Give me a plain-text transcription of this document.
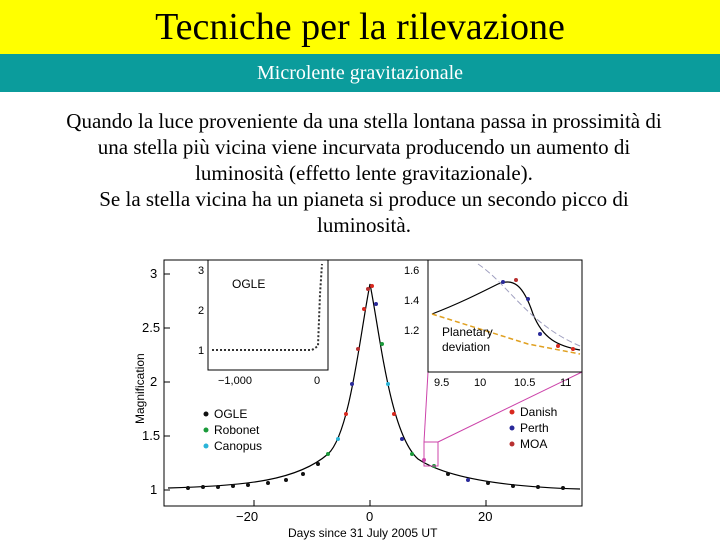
Tecniche per la rilevazione
Microlente gravitazionale
Quando la luce proveniente da una stella lontana passa in prossimità di
una stella più vicina viene incurvata producendo un aumento di
luminosità (effetto lente gravitazionale).
Se la stella vicina ha un pianeta si produce un secondo picco di
luminosità.
1
1.5
2
2.5
3
Magnification
−20	0	20
Days since 31 July 2005 UT
OGLE
3
2
1
−1,000	0
Planetary
deviation
1.6
1.4
1.2
9.5 10	10.5 11
OGLE
Robonet
Canopus
Danish
Perth
MOA
